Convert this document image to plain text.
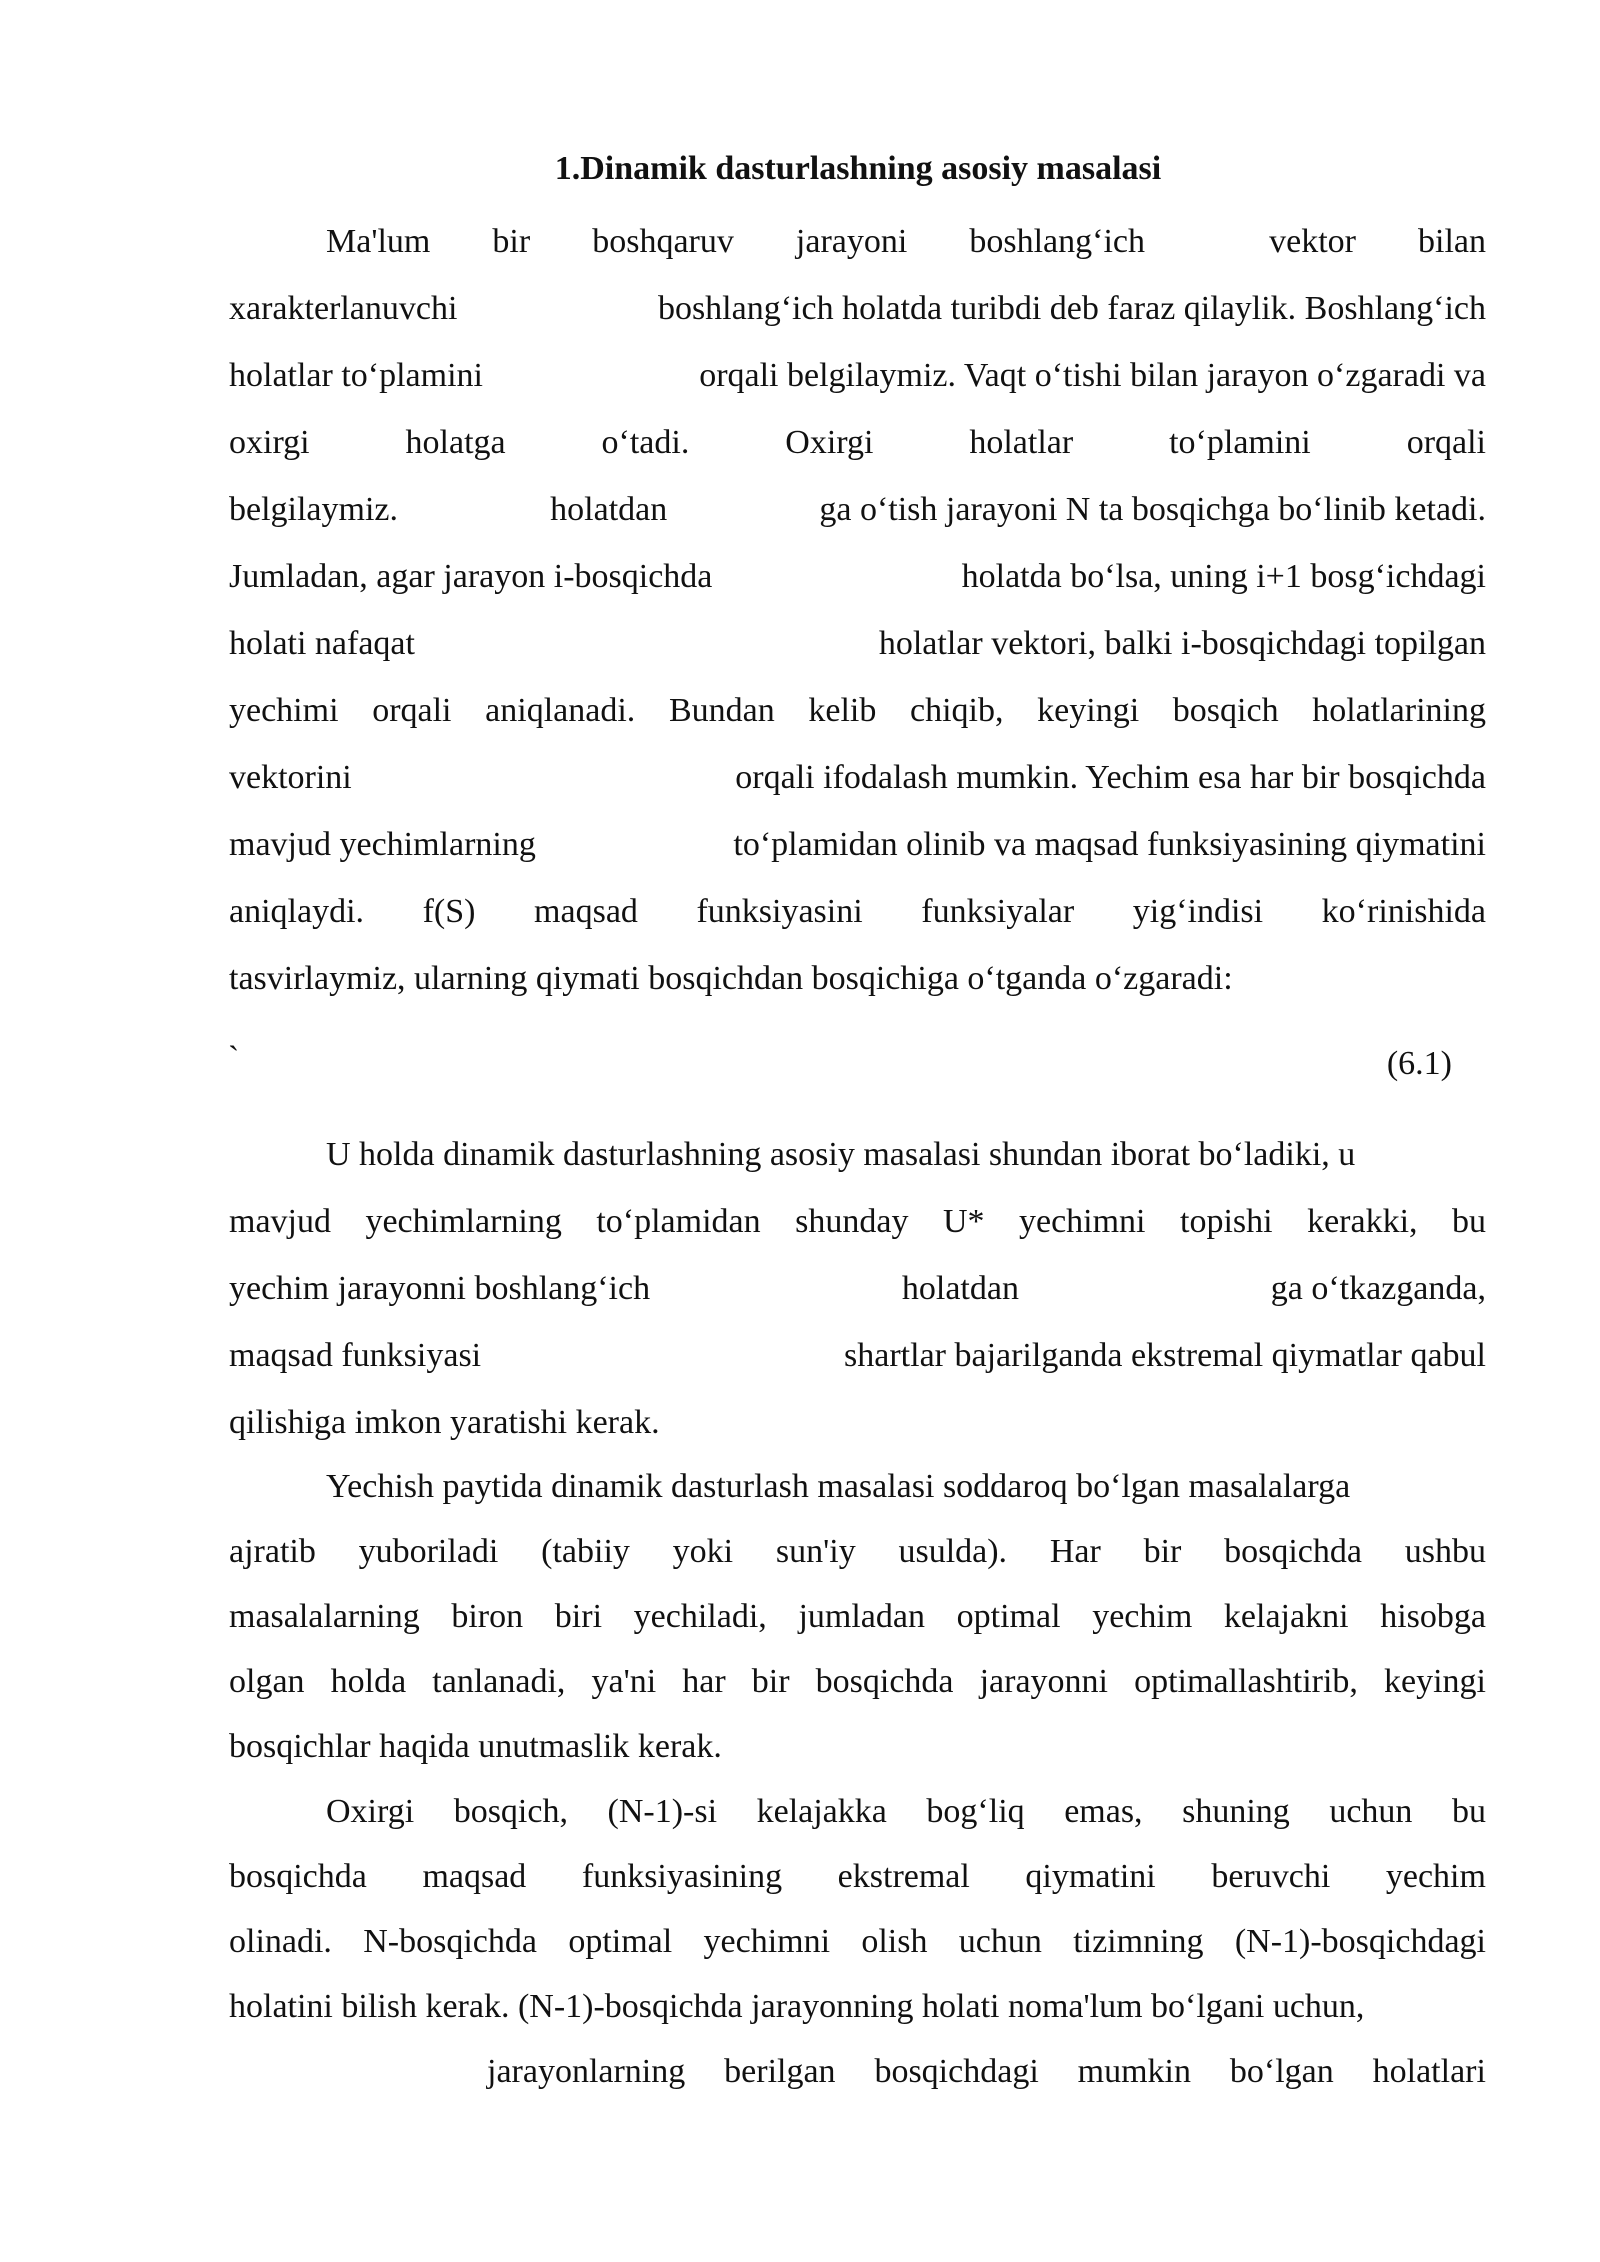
1.Dinamik dasturlashning asosiy masalasi
`	(6.1)
Ma'lum bir boshqaruv jarayoni boshlang‘ich	vektor bilan
xarakterlanuvchi	boshlang‘ich holatda turibdi deb faraz qilaylik. Boshlang‘ich
holatlar to‘plamini	orqali belgilaymiz. Vaqt o‘tishi bilan jarayon o‘zgaradi va
oxirgi	holatga	o‘tadi.	Oxirgi	holatlar	to‘plamini	orqali
belgilaymiz.	holatdan	ga o‘tish jarayoni N ta bosqichga bo‘linib ketadi.
Jumladan, agar jarayon i-bosqichda	holatda bo‘lsa, uning i+1 bosg‘ichdagi
holati nafaqat	holatlar vektori, balki i-bosqichdagi topilgan
yechimi orqali aniqlanadi. Bundan kelib chiqib, keyingi bosqich holatlarining
vektorini	orqali ifodalash mumkin. Yechim esa har bir bosqichda
mavjud yechimlarning	to‘plamidan olinib va maqsad funksiyasining qiymatini
aniqlaydi. f(S) maqsad funksiyasini funksiyalar yig‘indisi ko‘rinishida
tasvirlaymiz, ularning qiymati bosqichdan bosqichiga o‘tganda o‘zgaradi:
U holda dinamik dasturlashning asosiy masalasi shundan iborat bo‘ladiki, u
mavjud yechimlarning to‘plamidan shunday U* yechimni topishi kerakki, bu
yechim jarayonni boshlang‘ich	holatdan	ga o‘tkazganda,
maqsad funksiyasi	shartlar bajarilganda ekstremal qiymatlar qabul
qilishiga imkon yaratishi kerak.
Yechish paytida dinamik dasturlash masalasi soddaroq bo‘lgan masalalarga
ajratib yuboriladi (tabiiy yoki sun'iy usulda). Har bir bosqichda ushbu
masalalarning biron biri yechiladi, jumladan optimal yechim kelajakni hisobga
olgan holda tanlanadi, ya'ni har bir bosqichda jarayonni optimallashtirib, keyingi
bosqichlar haqida unutmaslik kerak.
Oxirgi bosqich, (N-1)-si kelajakka bog‘liq emas, shuning uchun bu
bosqichda maqsad funksiyasining ekstremal qiymatini beruvchi yechim
olinadi. N-bosqichda optimal yechimni olish uchun tizimning (N-1)-bosqichdagi
holatini bilish kerak. (N-1)-bosqichda jarayonning holati noma'lum bo‘lgani uchun,
jarayonlarning berilgan bosqichdagi mumkin bo‘lgan holatlari
